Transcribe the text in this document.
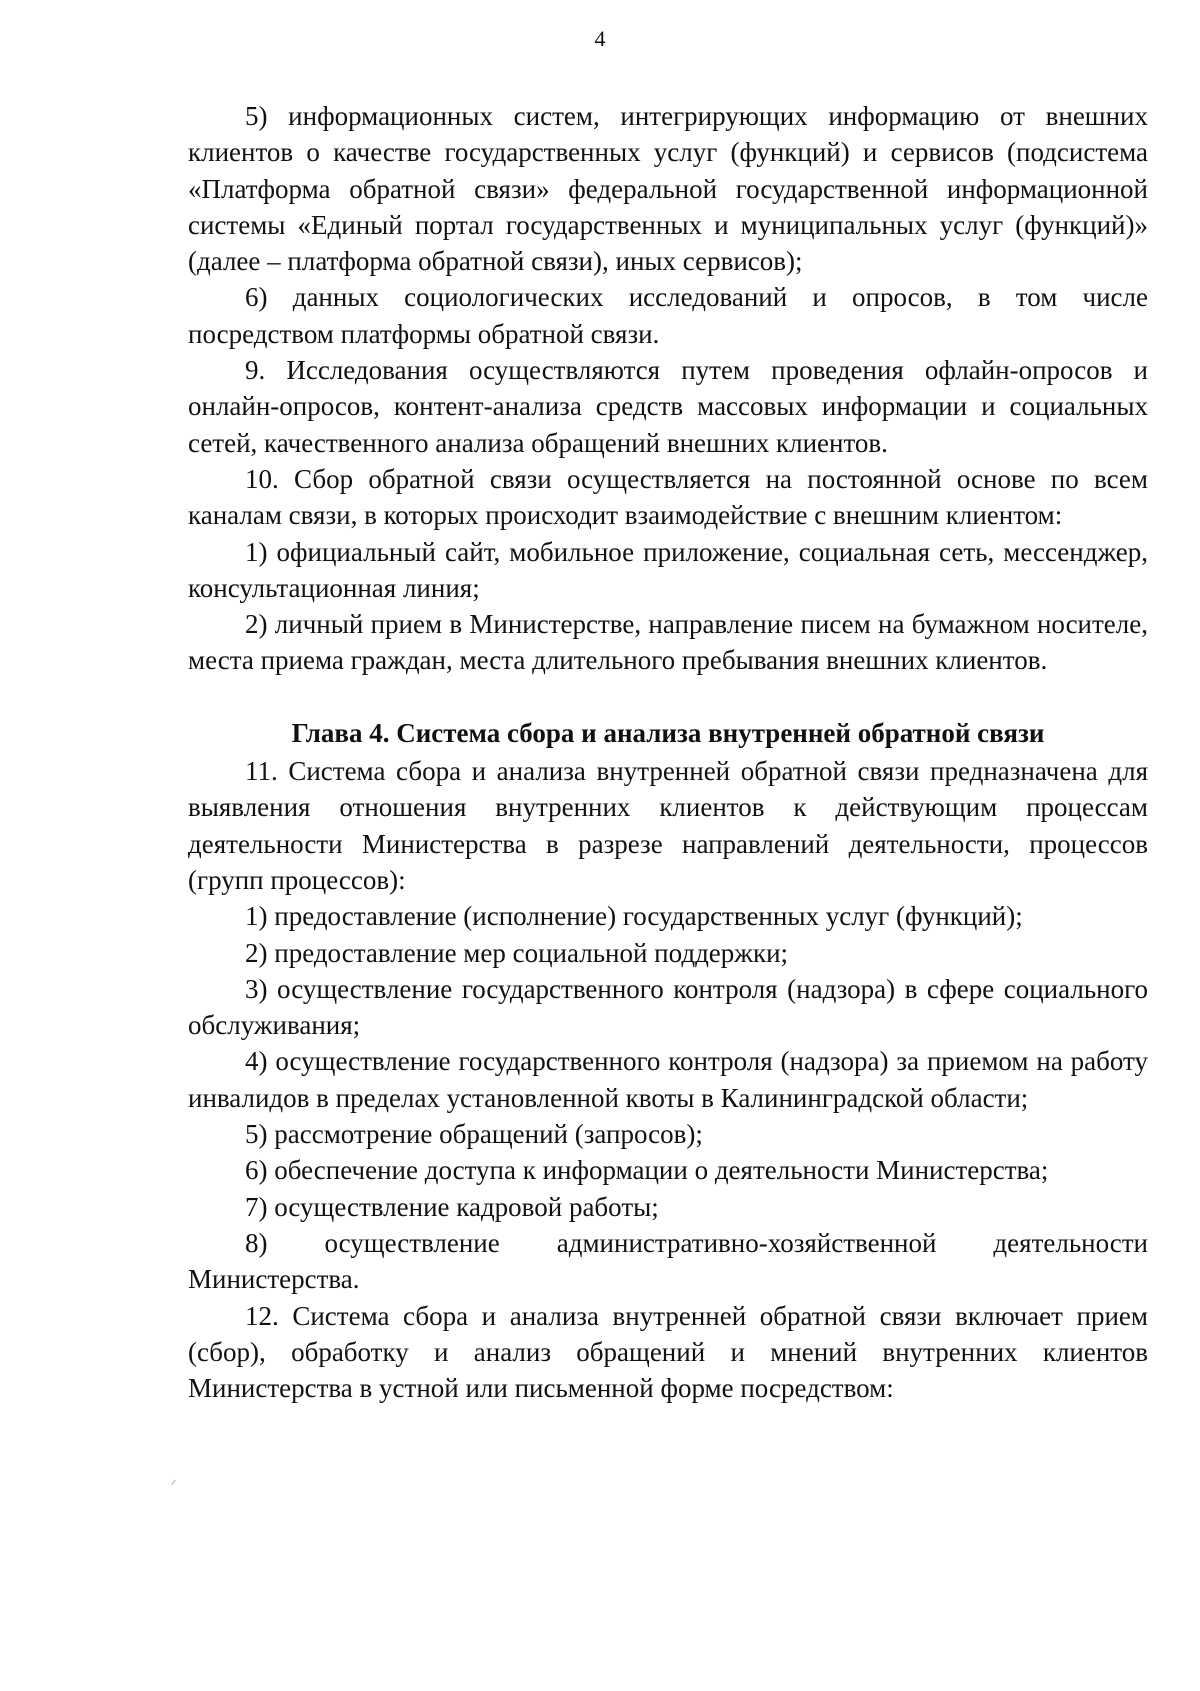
4

5) информационных систем, интегрирующих информацию от внешних клиентов о качестве государственных услуг (функций) и сервисов (подсистема «Платформа обратной связи» федеральной государственной информационной системы «Единый портал государственных и муниципальных услуг (функций)» (далее – платформа обратной связи), иных сервисов);

6) данных социологических исследований и опросов, в том числе посредством платформы обратной связи.

9. Исследования осуществляются путем проведения офлайн-опросов и онлайн-опросов, контент-анализа средств массовых информации и социальных сетей, качественного анализа обращений внешних клиентов.

10. Сбор обратной связи осуществляется на постоянной основе по всем каналам связи, в которых происходит взаимодействие с внешним клиентом:

1) официальный сайт, мобильное приложение, социальная сеть, мессенджер, консультационная линия;

2) личный прием в Министерстве, направление писем на бумажном носителе, места приема граждан, места длительного пребывания внешних клиентов.

Глава 4. Система сбора и анализа внутренней обратной связи

11. Система сбора и анализа внутренней обратной связи предназначена для выявления отношения внутренних клиентов к действующим процессам деятельности Министерства в разрезе направлений деятельности, процессов (групп процессов):

1) предоставление (исполнение) государственных услуг (функций);

2) предоставление мер социальной поддержки;

3) осуществление государственного контроля (надзора) в сфере социального обслуживания;

4) осуществление государственного контроля (надзора) за приемом на работу инвалидов в пределах установленной квоты в Калининградской области;

5) рассмотрение обращений (запросов);

6) обеспечение доступа к информации о деятельности Министерства;

7) осуществление кадровой работы;

8) осуществление административно-хозяйственной деятельности Министерства.

12. Система сбора и анализа внутренней обратной связи включает прием (сбор), обработку и анализ обращений и мнений внутренних клиентов Министерства в устной или письменной форме посредством:
